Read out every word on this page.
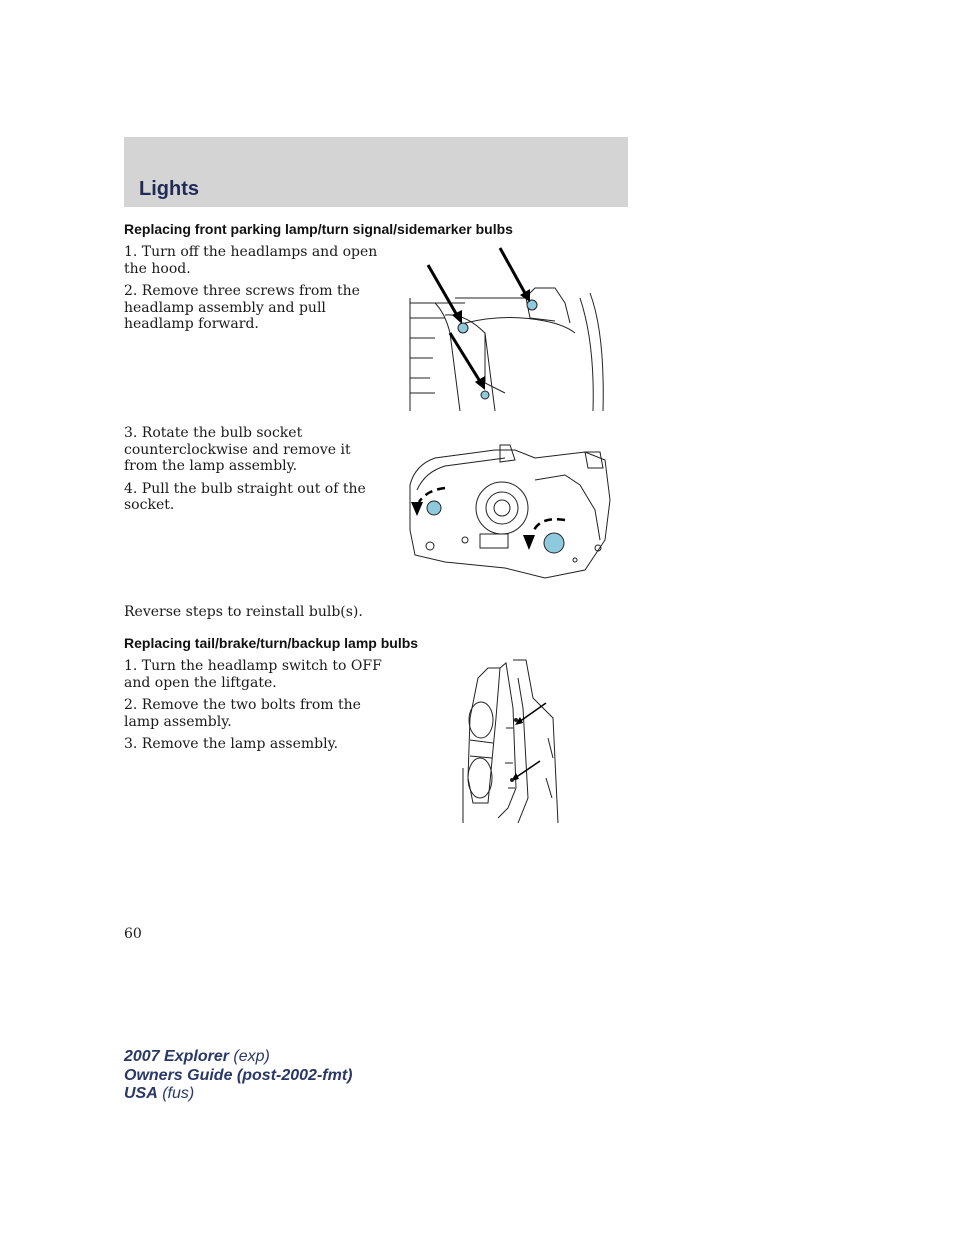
Lights
Replacing front parking lamp/turn signal/sidemarker bulbs

1. Turn off the headlamps and open the hood.

2. Remove three screws from the headlamp assembly and pull headlamp forward.

3. Rotate the bulb socket counterclockwise and remove it from the lamp assembly.

4. Pull the bulb straight out of the socket.

Reverse steps to reinstall bulb(s).
Replacing tail/brake/turn/backup lamp bulbs

1. Turn the headlamp switch to OFF and open the liftgate.

2. Remove the two bolts from the lamp assembly.

3. Remove the lamp assembly.

60
2007 Explorer (exp)
Owners Guide (post-2002-fmt)
USA (fus)
